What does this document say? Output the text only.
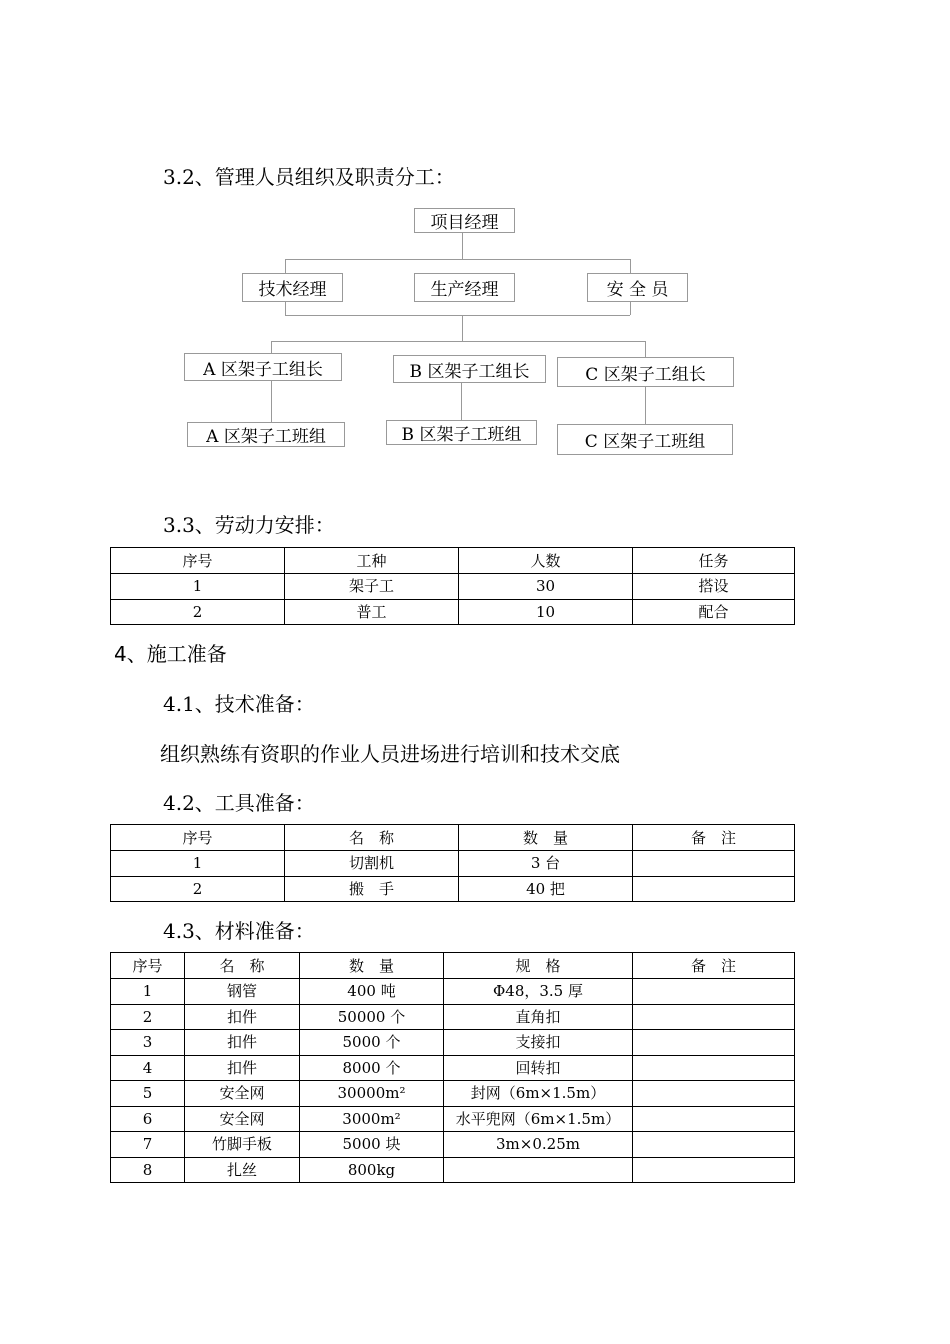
3.2、管理人员组织及职责分工：
项目经理
技术经理	生产经理	安 全 员
A 区架子工组长	B 区架子工组长	C 区架子工组长
A 区架子工班组	B 区架子工班组	C 区架子工班组
3.3、劳动力安排：
序号	工种	人数	任务
1	架子工	30	搭设
2	普工	10	配合
4、施工准备
4.1、技术准备：
组织熟练有资职的作业人员进场进行培训和技术交底
4.2、工具准备：
序号	名　称	数　量	备　注
1	切割机	3 台	
2	搬　手	40 把	
4.3、材料准备：
序号	名　称	数　量	规　格	备　注
1	钢管	400 吨	Φ48，3.5 厚	
2	扣件	50000 个	直角扣	
3	扣件	5000 个	支接扣	
4	扣件	8000 个	回转扣	
5	安全网	30000m²	封网（6m×1.5m）	
6	安全网	3000m²	水平兜网（6m×1.5m）	
7	竹脚手板	5000 块	3m×0.25m	
8	扎丝	800kg		
